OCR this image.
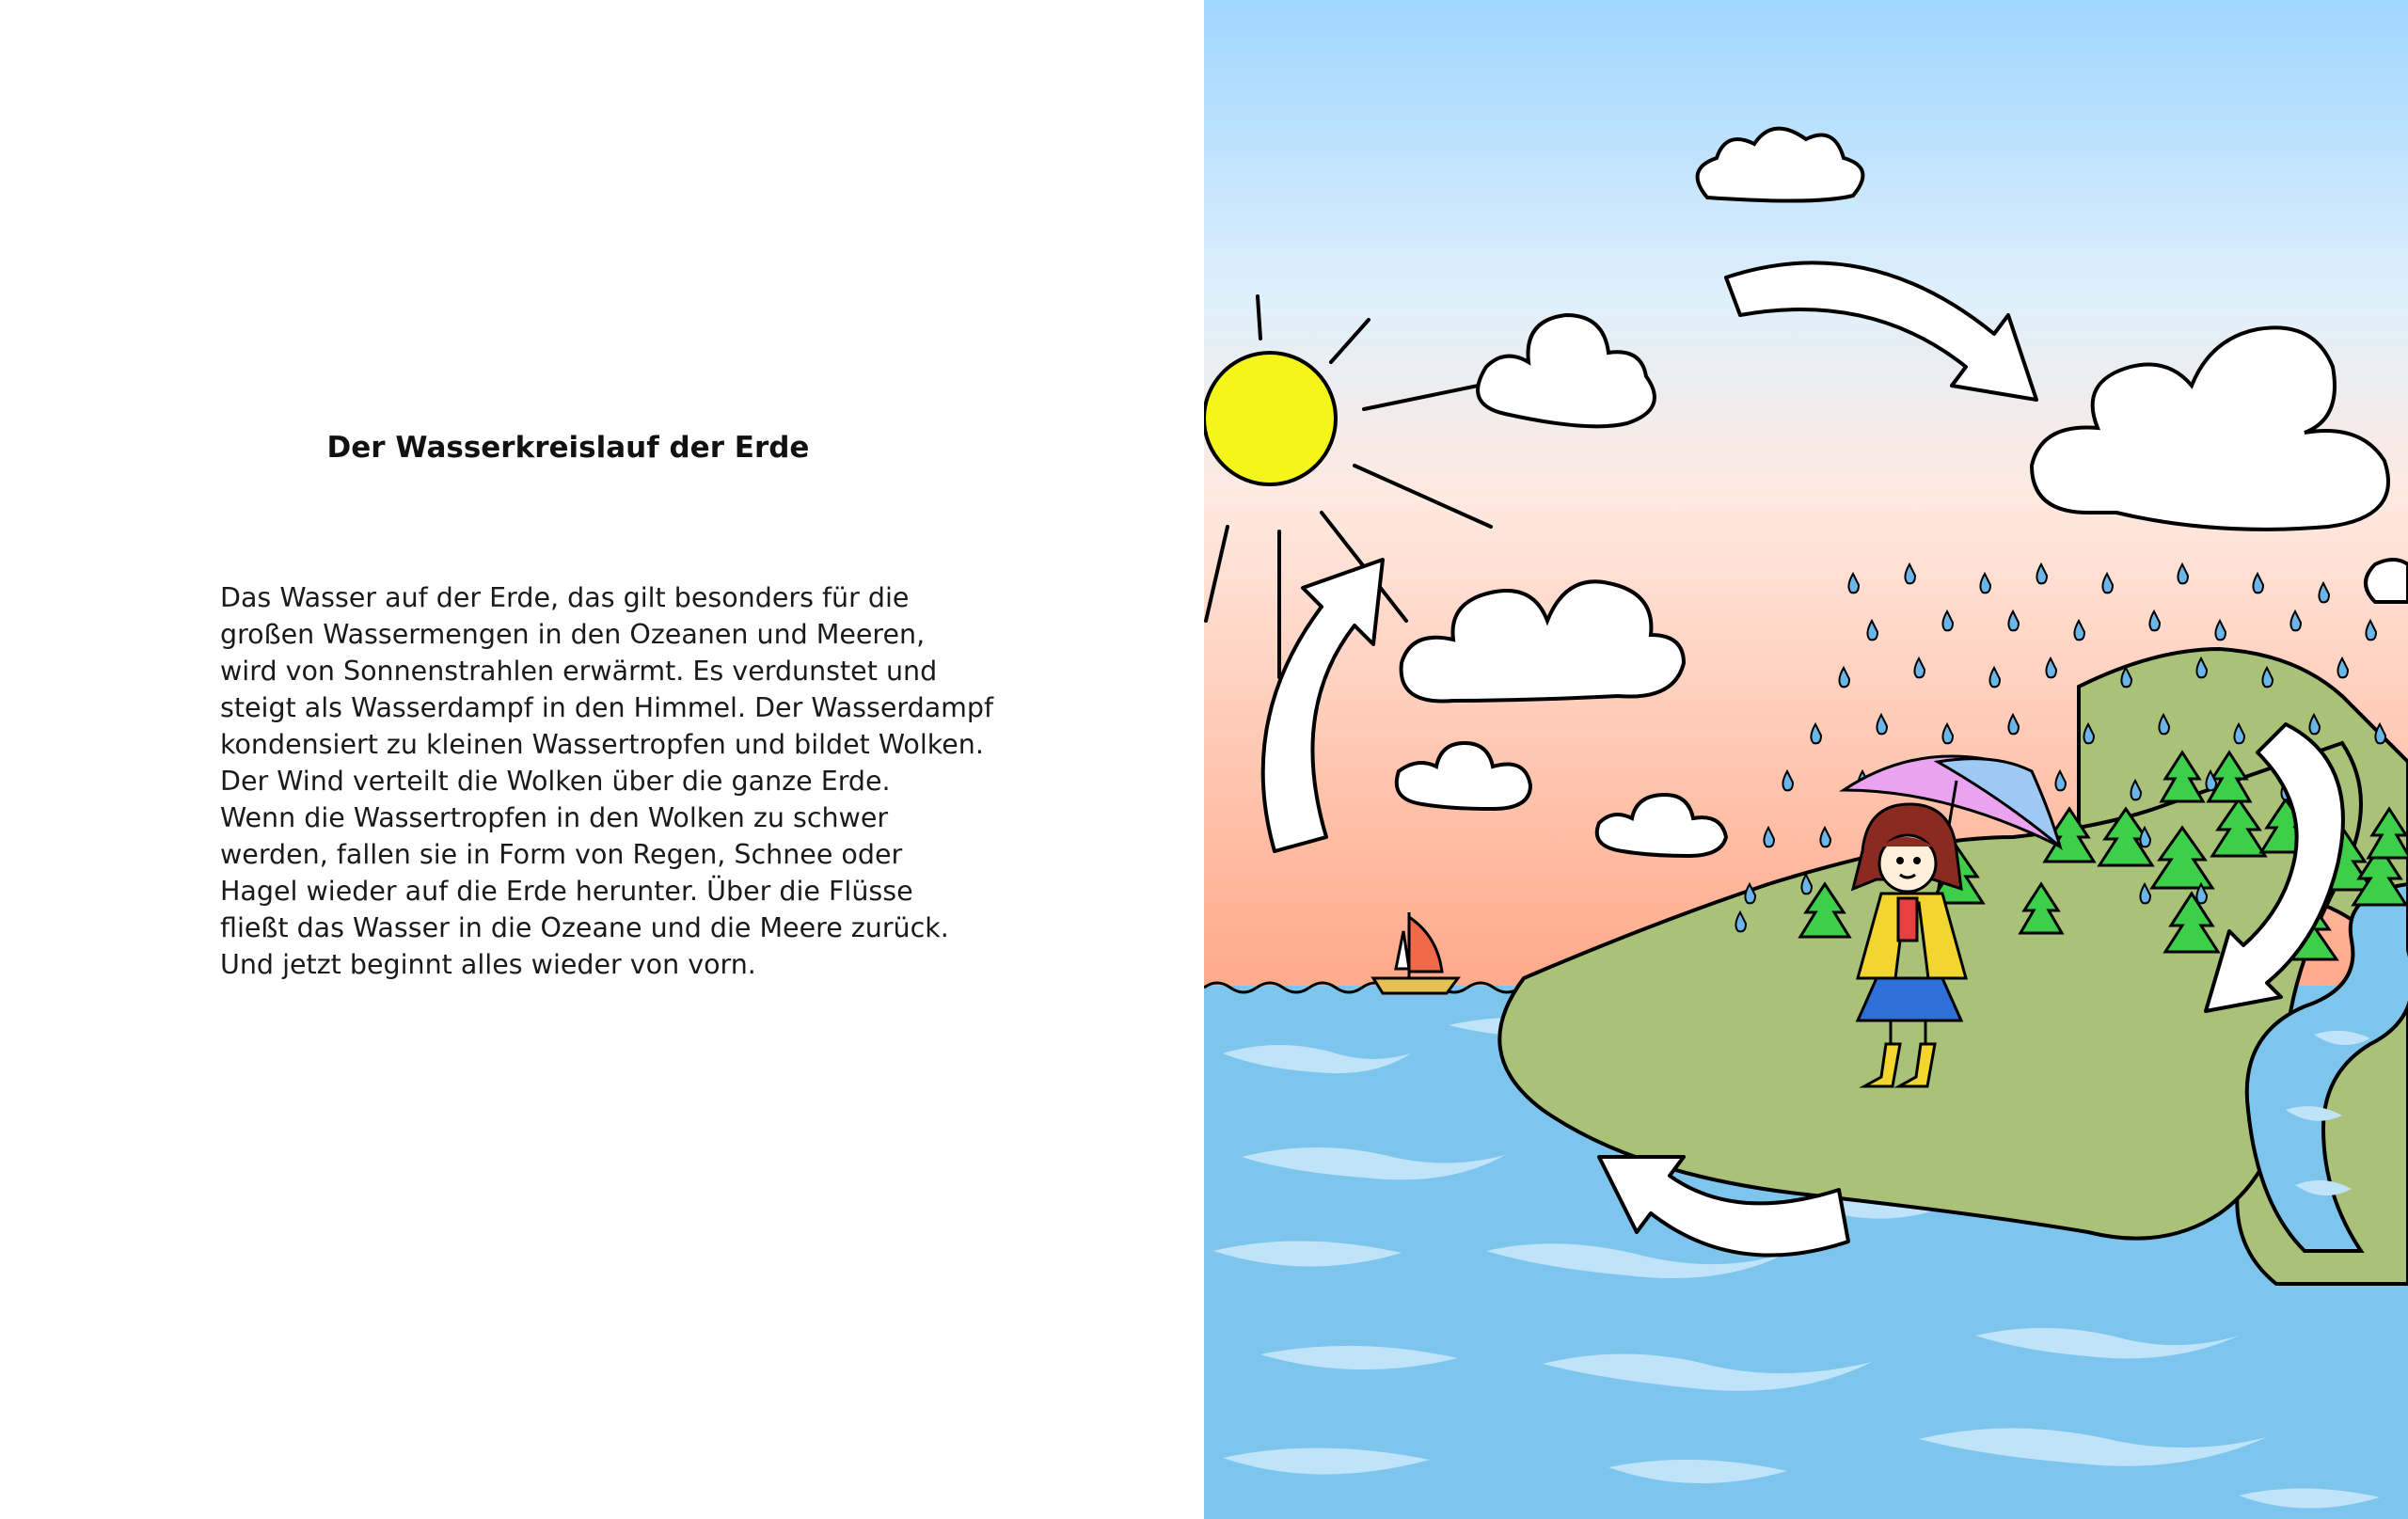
Der Wasserkreislauf der Erde

Das Wasser auf der Erde, das gilt besonders für die
großen Wassermengen in den Ozeanen und Meeren,
wird von Sonnenstrahlen erwärmt. Es verdunstet und
steigt als Wasserdampf in den Himmel. Der Wasserdampf
kondensiert zu kleinen Wassertropfen und bildet Wolken.
Der Wind verteilt die Wolken über die ganze Erde.
Wenn die Wassertropfen in den Wolken zu schwer
werden, fallen sie in Form von Regen, Schnee oder
Hagel wieder auf die Erde herunter. Über die Flüsse
fließt das Wasser in die Ozeane und die Meere zurück.
Und jetzt beginnt alles wieder von vorn.
